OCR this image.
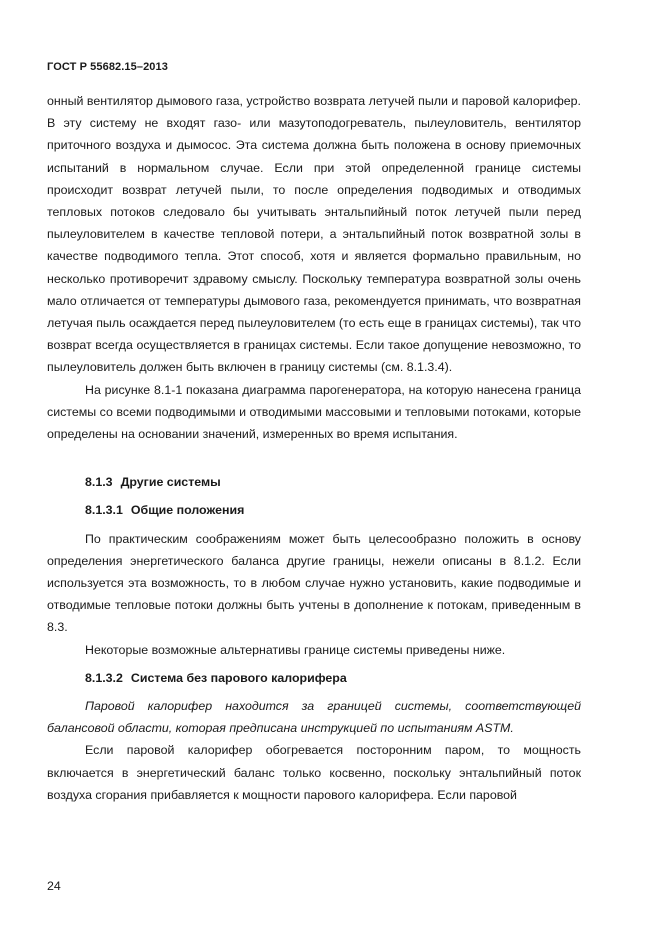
ГОСТ Р 55682.15–2013

онный вентилятор дымового газа, устройство возврата летучей пыли и паровой калорифер. В эту систему не входят газо- или мазутоподогреватель, пылеуловитель, вентилятор приточного воздуха и дымосос. Эта система должна быть положена в основу приемочных испытаний в нормальном случае. Если при этой определенной границе системы происходит возврат летучей пыли, то после определения подводимых и отводимых тепловых потоков следовало бы учитывать энтальпийный поток летучей пыли перед пылеуловителем в качестве тепловой потери, а энтальпийный поток возвратной золы в качестве подводимого тепла. Этот способ, хотя и является формально правильным, но несколько противоречит здравому смыслу. Поскольку температура возвратной золы очень мало отличается от температуры дымового газа, рекомендуется принимать, что возвратная летучая пыль осаждается перед пылеуловителем (то есть еще в границах системы), так что возврат всегда осуществляется в границах системы. Если такое допущение невозможно, то пылеуловитель должен быть включен в границу системы (см. 8.1.3.4).

На рисунке 8.1-1 показана диаграмма парогенератора, на которую нанесена граница системы со всеми подводимыми и отводимыми массовыми и тепловыми потоками, которые определены на основании значений, измеренных во время испытания.

8.1.3 Другие системы
8.1.3.1 Общие положения

По практическим соображениям может быть целесообразно положить в основу определения энергетического баланса другие границы, нежели описаны в 8.1.2. Если используется эта возможность, то в любом случае нужно установить, какие подводимые и отводимые тепловые потоки должны быть учтены в дополнение к потокам, приведенным в 8.3.

Некоторые возможные альтернативы границе системы приведены ниже.

8.1.3.2 Система без парового калорифера

Паровой калорифер находится за границей системы, соответствующей балансовой области, которая предписана инструкцией по испытаниям ASTM.

Если паровой калорифер обогревается посторонним паром, то мощность включается в энергетический баланс только косвенно, поскольку энтальпийный поток воздуха сгорания прибавляется к мощности парового калорифера. Если паровой

24
